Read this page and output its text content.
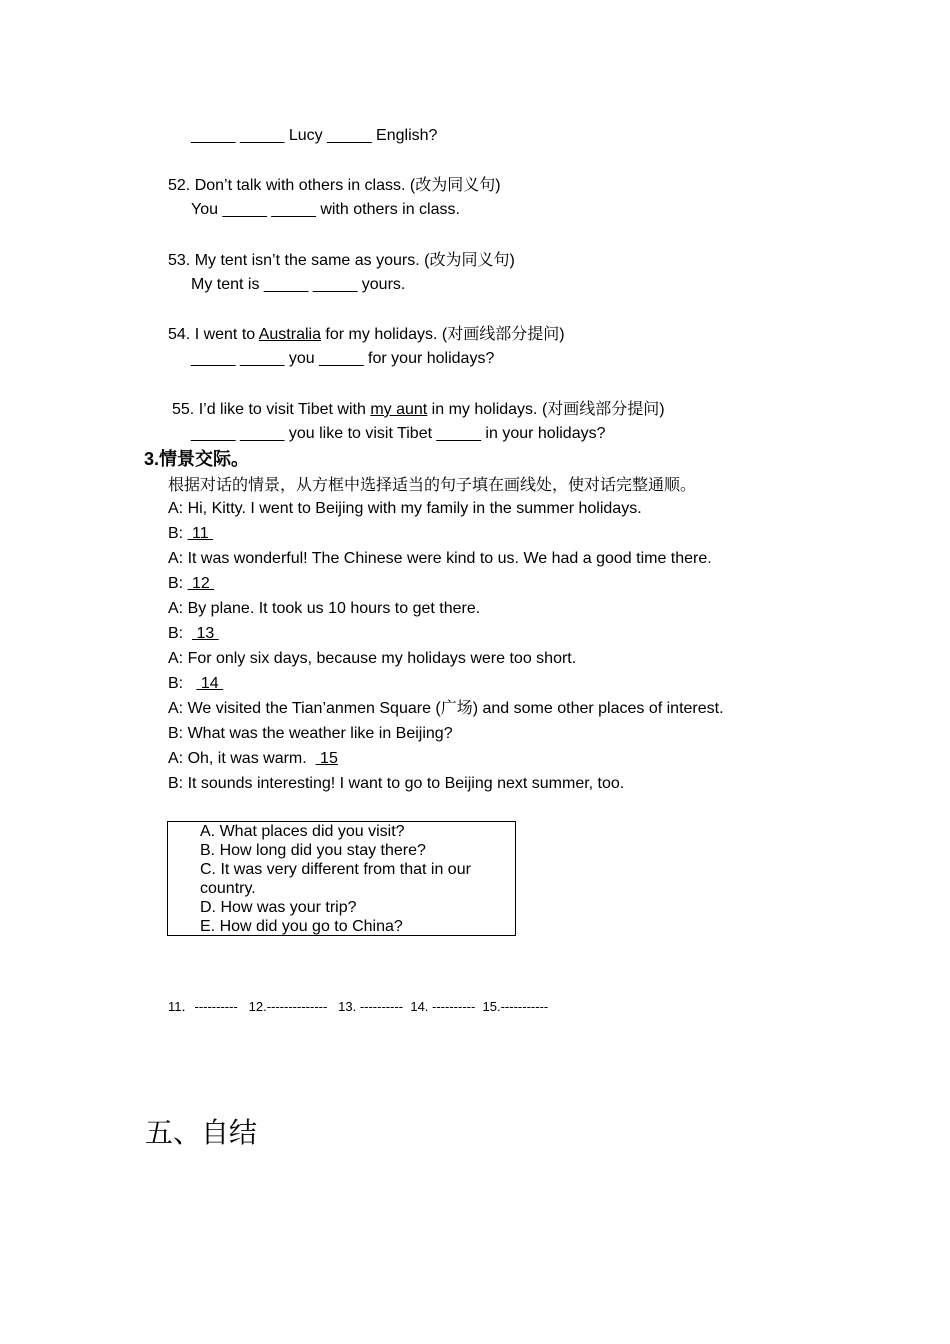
_____ _____ Lucy _____ English?
52. Don’t talk with others in class. (改为同义句)
You _____ _____ with others in class.
53. My tent isn’t the same as yours. (改为同义句)
My tent is _____ _____ yours.
54. I went to Australia for my holidays. (对画线部分提问)
_____ _____ you _____ for your holidays?
55. I’d like to visit Tibet with my aunt in my holidays. (对画线部分提问)
_____ _____ you like to visit Tibet _____ in your holidays?
3.情景交际。
根据对话的情景，从方框中选择适当的句子填在画线处，使对话完整通顺。
A: Hi, Kitty. I went to Beijing with my family in the summer holidays.
B:  11
A: It was wonderful! The Chinese were kind to us. We had a good time there.
B:  12
A: By plane. It took us 10 hours to get there.
B:   13
A: For only six days, because my holidays were too short.
B:    14
A: We visited the Tian’anmen Square (广场) and some other places of interest.
B: What was the weather like in Beijing?
A: Oh, it was warm.   15
B: It sounds interesting! I want to go to Beijing next summer, too.
A. What places did you visit?
B. How long did you stay there?
C. It was very different from that in our
country.
D. How was your trip?
E. How did you go to China?
11．----------   12.--------------   13. ----------  14. ----------  15.-----------
五、自结
